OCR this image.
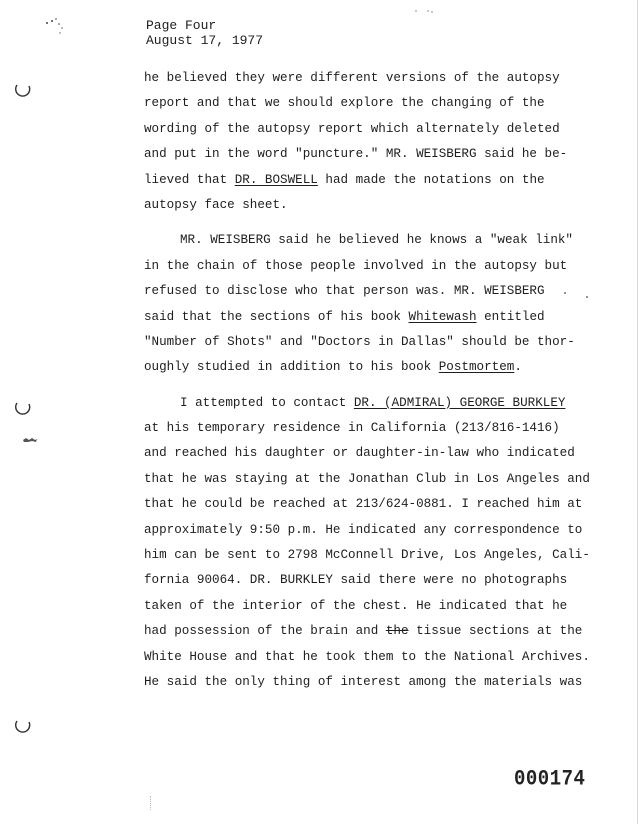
Page Four
August 17, 1977
he believed they were different versions of the autopsy
report and that we should explore the changing of the
wording of the autopsy report which alternately deleted
and put in the word "puncture." MR. WEISBERG said he be-
lieved that DR. BOSWELL had made the notations on the
autopsy face sheet.
MR. WEISBERG said he believed he knows a "weak link"
in the chain of those people involved in the autopsy but
refused to disclose who that person was. MR. WEISBERG
said that the sections of his book Whitewash entitled
"Number of Shots" and "Doctors in Dallas" should be thor-
oughly studied in addition to his book Postmortem.
I attempted to contact DR. (ADMIRAL) GEORGE BURKLEY
at his temporary residence in California (213/816-1416)
and reached his daughter or daughter-in-law who indicated
that he was staying at the Jonathan Club in Los Angeles and
that he could be reached at 213/624-0881. I reached him at
approximately 9:50 p.m. He indicated any correspondence to
him can be sent to 2798 McConnell Drive, Los Angeles, Cali-
fornia 90064. DR. BURKLEY said there were no photographs
taken of the interior of the chest. He indicated that he
had possession of the brain and the tissue sections at the
White House and that he took them to the National Archives.
He said the only thing of interest among the materials was
000174
